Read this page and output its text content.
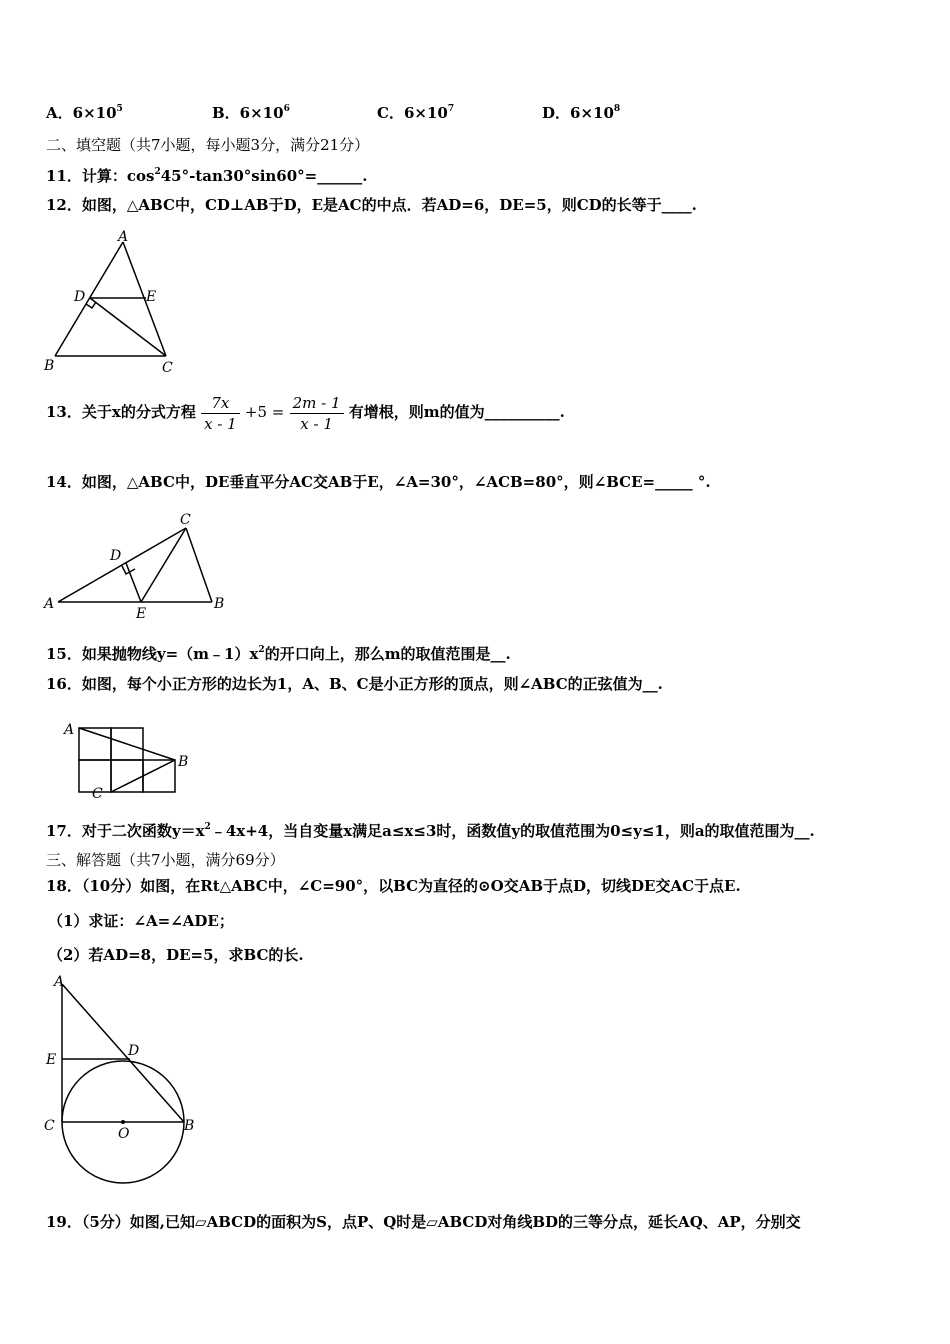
A．$6\times 10^5$	B．$6\times 10^6$	C．$6\times 10^7$	D．$6\times 10^8$
二、填空题（共7小题，每小题3分，满分21分）
11．计算：$\cos^245^\circ-\tan 30^\circ\sin 60^\circ=\_\_\_\_\_\_$.
12．如图，△ABC中，CD⊥AB于D，E是AC的中点．若AD=6，DE=5，则CD的长等于____.
A
D	E
B	C
13．关于x的分式方程 $\frac{7x}{x - 1} +5 = \frac{2m - 1}{x - 1}$ 有增根，则m的值为__________.
14．如图，△ABC中，DE垂直平分AC交AB于E，∠A=30°，∠ACB=80°，则∠BCE=_____ °.
C
D
A
E
B
15．如果抛物线$y=(m﹣1)x^2$的开口向上，那么m的取值范围是__.
16．如图，每个小正方形的边长为1，A、B、C是小正方形的顶点，则∠ABC的正弦值为__.
A
B
C
17．对于二次函数$y=x^2﹣4x+4$，当自变量x满足a≤x≤3时，函数值y的取值范围为0≤y≤1，则a的取值范围为__.
三、解答题（共7小题，满分69分）
18．（10分）如图，在Rt△ABC中，∠C=90°，以BC为直径的⊙O交AB于点D，切线DE交AC于点E.
（1）求证：∠A=∠ADE；
（2）若AD=8，DE=5，求BC的长.
A
E
D
C	O	B
19．（5分）如图,已知▱ABCD的面积为S，点P、Q时是▱ABCD对角线BD的三等分点，延长AQ、AP，分别交
